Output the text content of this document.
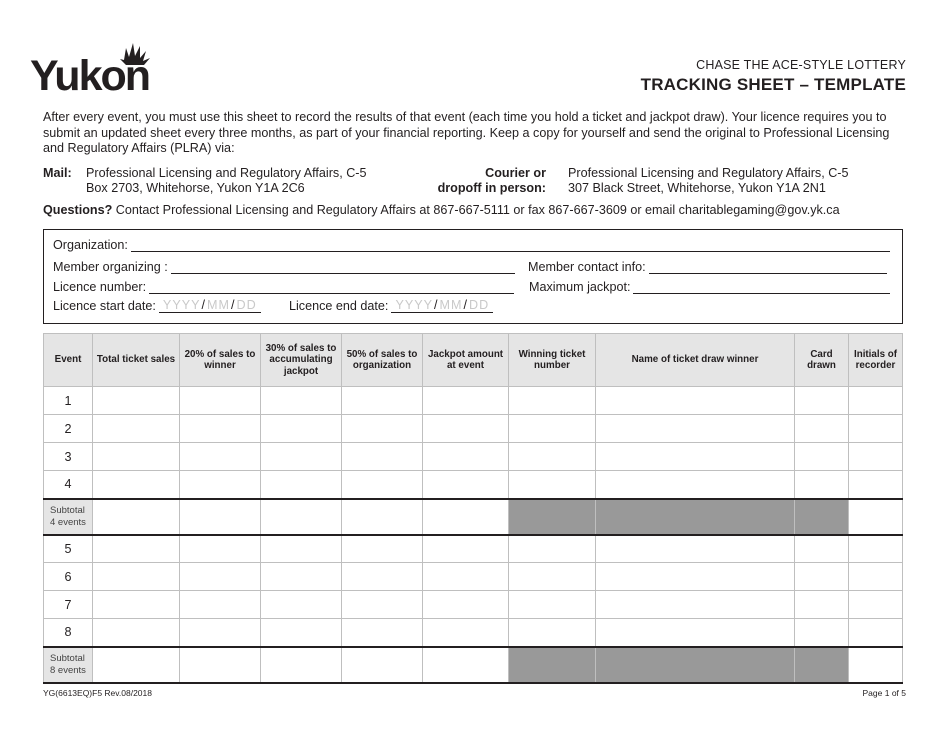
Yukon	CHASE THE ACE-STYLE LOTTERY
TRACKING SHEET – TEMPLATE
After every event, you must use this sheet to record the results of that event (each time you hold a ticket and jackpot draw). Your licence requires you to submit an updated sheet every three months, as part of your financial reporting. Keep a copy for yourself and send the original to Professional Licensing and Regulatory Affairs (PLRA) via:
Mail: Professional Licensing and Regulatory Affairs, C-5
Box 2703, Whitehorse, Yukon Y1A 2C6
Courier or
dropoff in person:
Professional Licensing and Regulatory Affairs, C-5
307 Black Street, Whitehorse, Yukon Y1A 2N1
Questions? Contact Professional Licensing and Regulatory Affairs at 867-667-5111 or fax 867-667-3609 or email charitablegaming@gov.yk.ca
Organization:
Member organizing :	Member contact info:
Licence number:	Maximum jackpot:
Licence start date: YYYY / MM / DD	Licence end date: YYYY / MM / DD
Event	Total ticket sales	20% of sales to winner	30% of sales to accumulating jackpot	50% of sales to organization	Jackpot amount at event	Winning ticket number	Name of ticket draw winner	Card drawn	Initials of recorder
1									
2									
3									
4									
Subtotal
4 events									
5									
6									
7									
8									
Subtotal
8 events									
YG(6613EQ)F5 Rev.08/2018	Page 1 of 5
